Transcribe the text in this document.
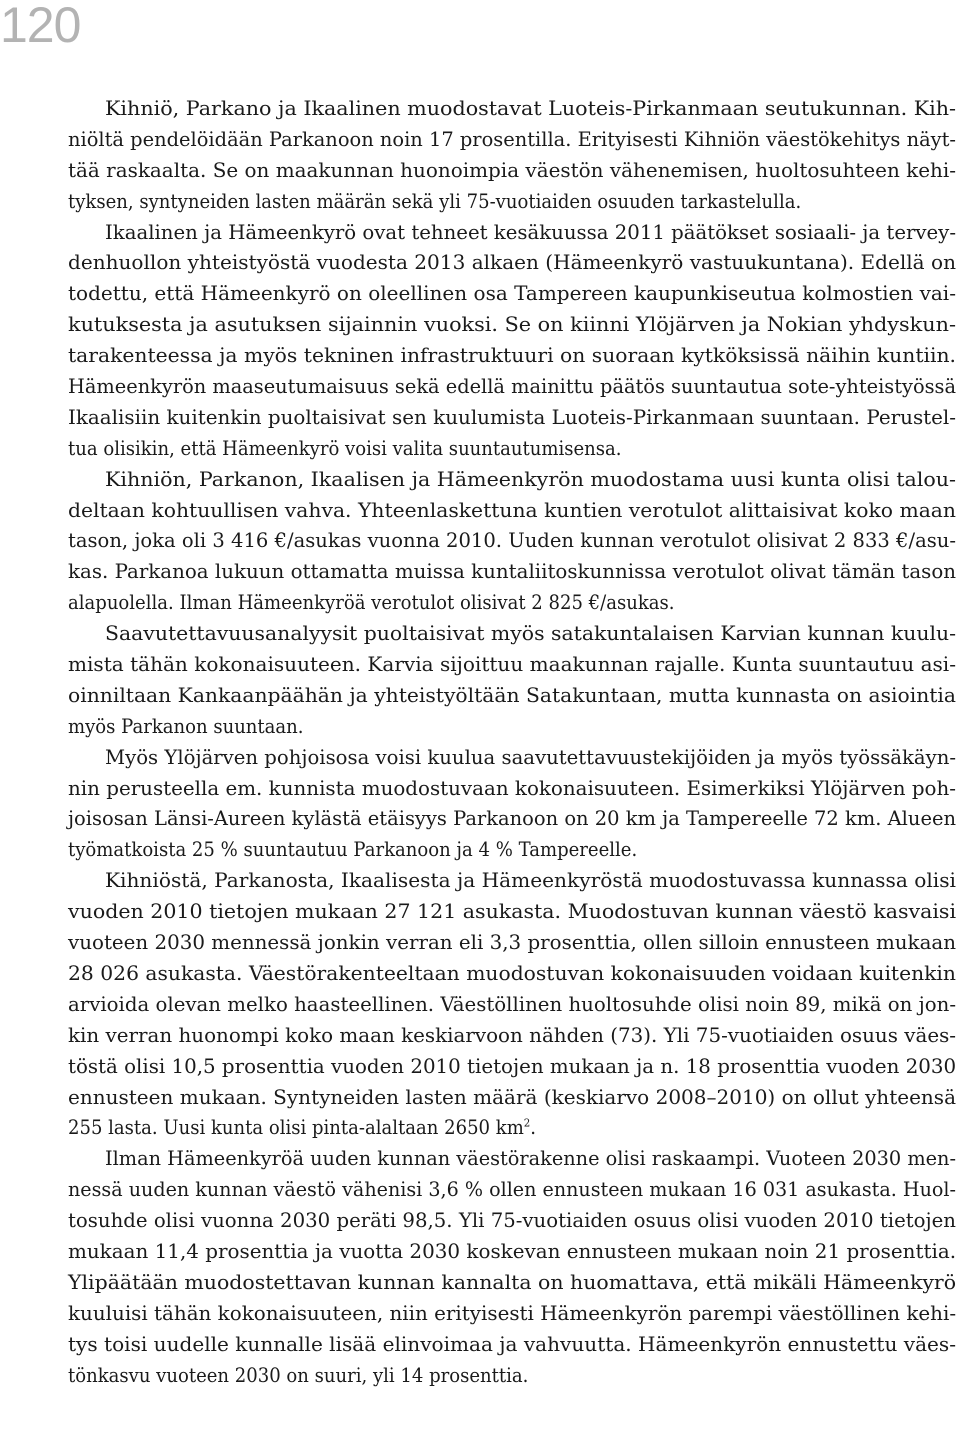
120
Kihniö, Parkano ja Ikaalinen muodostavat Luoteis-Pirkanmaan seutukunnan. Kih-
niöltä pendelöidään Parkanoon noin 17 prosentilla. Erityisesti Kihniön väestökehitys näyt-
tää raskaalta. Se on maakunnan huonoimpia väestön vähenemisen, huoltosuhteen kehi-
tyksen, syntyneiden lasten määrän sekä yli 75-vuotiaiden osuuden tarkastelulla.
Ikaalinen ja Hämeenkyrö ovat tehneet kesäkuussa 2011 päätökset sosiaali- ja tervey-
denhuollon yhteistyöstä vuodesta 2013 alkaen (Hämeenkyrö vastuukuntana). Edellä on
todettu, että Hämeenkyrö on oleellinen osa Tampereen kaupunkiseutua kolmostien vai-
kutuksesta ja asutuksen sijainnin vuoksi. Se on kiinni Ylöjärven ja Nokian yhdyskun-
tarakenteessa ja myös tekninen infrastruktuuri on suoraan kytköksissä näihin kuntiin.
Hämeenkyrön maaseutumaisuus sekä edellä mainittu päätös suuntautua sote-yhteistyössä
Ikaalisiin kuitenkin puoltaisivat sen kuulumista Luoteis-Pirkanmaan suuntaan. Perustel-
tua olisikin, että Hämeenkyrö voisi valita suuntautumisensa.
Kihniön, Parkanon, Ikaalisen ja Hämeenkyrön muodostama uusi kunta olisi talou-
deltaan kohtuullisen vahva. Yhteenlaskettuna kuntien verotulot alittaisivat koko maan
tason, joka oli 3 416 €/asukas vuonna 2010. Uuden kunnan verotulot olisivat 2 833 €/asu-
kas. Parkanoa lukuun ottamatta muissa kuntaliitoskunnissa verotulot olivat tämän tason
alapuolella. Ilman Hämeenkyröä verotulot olisivat 2 825 €/asukas.
Saavutettavuusanalyysit puoltaisivat myös satakuntalaisen Karvian kunnan kuulu-
mista tähän kokonaisuuteen. Karvia sijoittuu maakunnan rajalle. Kunta suuntautuu asi-
oinniltaan Kankaanpäähän ja yhteistyöltään Satakuntaan, mutta kunnasta on asiointia
myös Parkanon suuntaan.
Myös Ylöjärven pohjoisosa voisi kuulua saavutettavuustekijöiden ja myös työssäkäyn-
nin perusteella em. kunnista muodostuvaan kokonaisuuteen. Esimerkiksi Ylöjärven poh-
joisosan Länsi-Aureen kylästä etäisyys Parkanoon on 20 km ja Tampereelle 72 km. Alueen
työmatkoista 25 % suuntautuu Parkanoon ja 4 % Tampereelle.
Kihniöstä, Parkanosta, Ikaalisesta ja Hämeenkyröstä muodostuvassa kunnassa olisi
vuoden 2010 tietojen mukaan 27 121 asukasta. Muodostuvan kunnan väestö kasvaisi
vuoteen 2030 mennessä jonkin verran eli 3,3 prosenttia, ollen silloin ennusteen mukaan
28 026 asukasta. Väestörakenteeltaan muodostuvan kokonaisuuden voidaan kuitenkin
arvioida olevan melko haasteellinen. Väestöllinen huoltosuhde olisi noin 89, mikä on jon-
kin verran huonompi koko maan keskiarvoon nähden (73). Yli 75-vuotiaiden osuus väes-
töstä olisi 10,5 prosenttia vuoden 2010 tietojen mukaan ja n. 18 prosenttia vuoden 2030
ennusteen mukaan. Syntyneiden lasten määrä (keskiarvo 2008–2010) on ollut yhteensä
255 lasta. Uusi kunta olisi pinta-alaltaan 2650 $km^2$.
Ilman Hämeenkyröä uuden kunnan väestörakenne olisi raskaampi. Vuoteen 2030 men-
nessä uuden kunnan väestö vähenisi 3,6 % ollen ennusteen mukaan 16 031 asukasta. Huol-
tosuhde olisi vuonna 2030 peräti 98,5. Yli 75-vuotiaiden osuus olisi vuoden 2010 tietojen
mukaan 11,4 prosenttia ja vuotta 2030 koskevan ennusteen mukaan noin 21 prosenttia.
Ylipäätään muodostettavan kunnan kannalta on huomattava, että mikäli Hämeenkyrö
kuuluisi tähän kokonaisuuteen, niin erityisesti Hämeenkyrön parempi väestöllinen kehi-
tys toisi uudelle kunnalle lisää elinvoimaa ja vahvuutta. Hämeenkyrön ennustettu väes-
tönkasvu vuoteen 2030 on suuri, yli 14 prosenttia.
